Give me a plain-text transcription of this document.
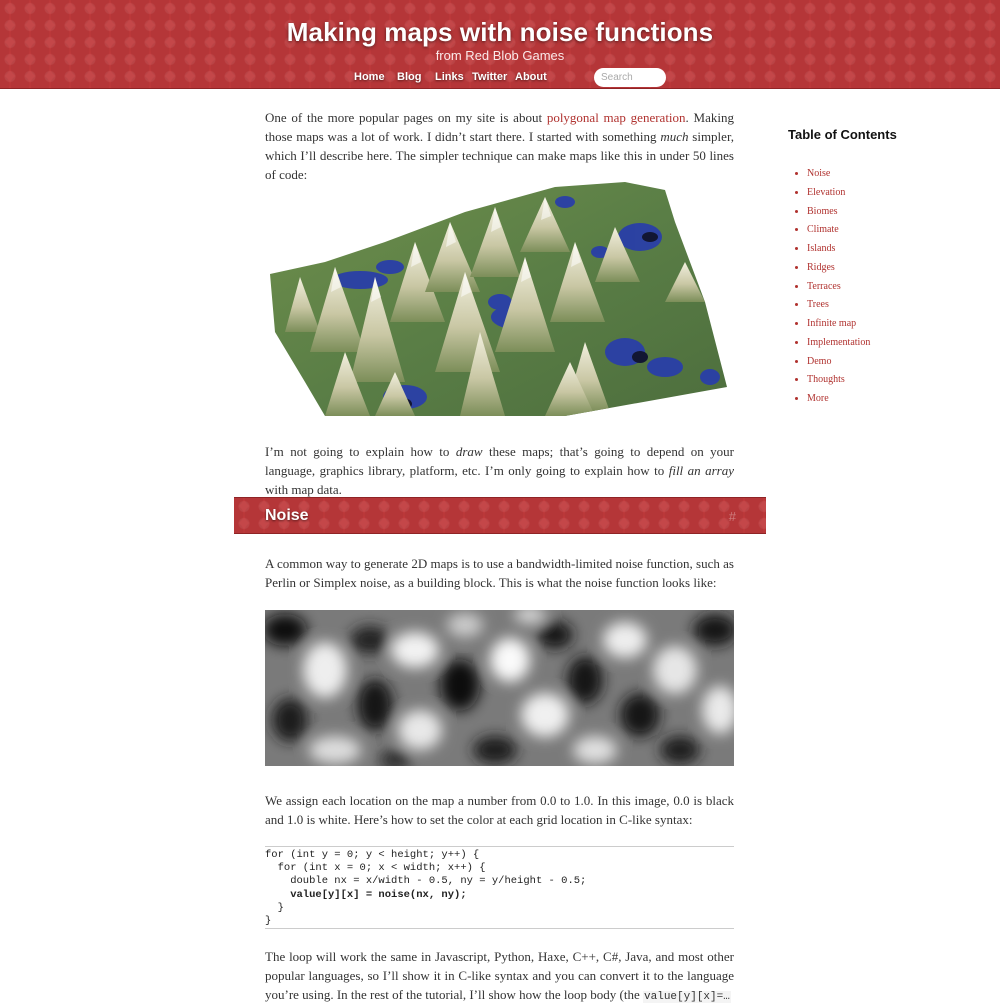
Making maps with noise functions
from Red Blob Games
Home Blog Links Twitter About
Search

One of the more popular pages on my site is about polygonal map generation. Making those maps was a lot of work. I didn’t start there. I started with something much simpler, which I’ll describe here. The simpler technique can make maps like this in under 50 lines of code:

I’m not going to explain how to draw these maps; that’s going to depend on your language, graphics library, platform, etc. I’m only going to explain how to fill an array with map data.

Noise	#

A common way to generate 2D maps is to use a bandwidth-limited noise function, such as Perlin or Simplex noise, as a building block. This is what the noise function looks like:

We assign each location on the map a number from 0.0 to 1.0. In this image, 0.0 is black and 1.0 is white. Here’s how to set the color at each grid location in C-like syntax:

for (int y = 0; y < height; y++) {
for (int x = 0; x < width; x++) {
double nx = x/width - 0.5, ny = y/height - 0.5;
value[y][x] = noise(nx, ny);
}
}

The loop will work the same in Javascript, Python, Haxe, C++, C#, Java, and most other popular languages, so I’ll show it in C-like syntax and you can convert it to the language you’re using. In the rest of the tutorial, I’ll show how the loop body (the value[y][x]=…

Table of Contents
• Noise
• Elevation
• Biomes
• Climate
• Islands
• Ridges
• Terraces
• Trees
• Infinite map
• Implementation
• Demo
• Thoughts
• More
